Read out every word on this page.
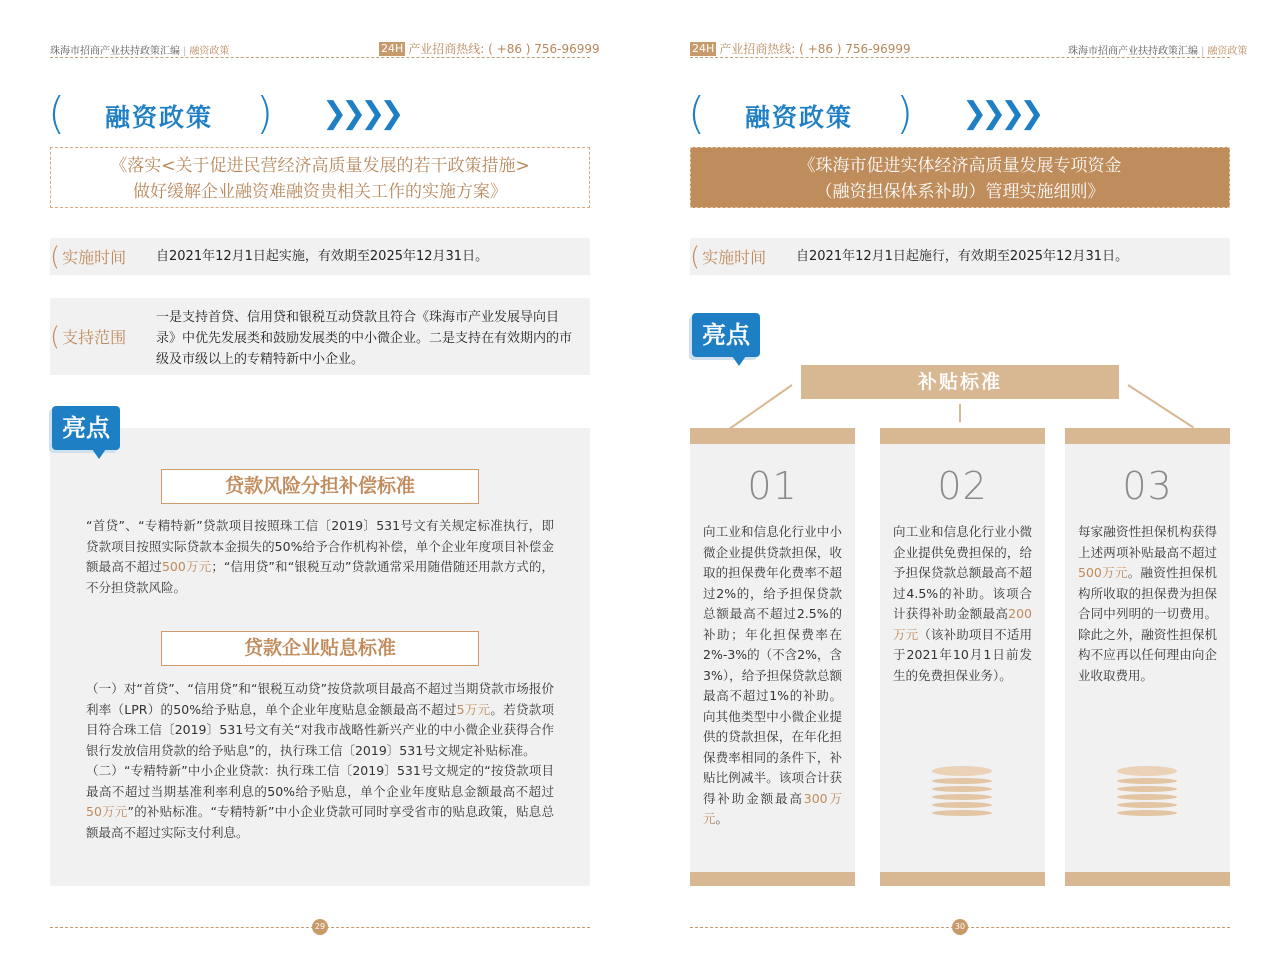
珠海市招商产业扶持政策汇编 | 融资政策	24H 产业招商热线: ( +86 ) 756-96999
( 融资政策 ) ❯❯❯❯
《落实<关于促进民营经济高质量发展的若干政策措施>
做好缓解企业融资难融资贵相关工作的实施方案》
( 实施时间 自2021年12月1日起实施，有效期至2025年12月31日。
( 支持范围
一是支持首贷、信用贷和银税互动贷款且符合《珠海市产业发展导向目录》中优先发展类和鼓励发展类的中小微企业。二是支持在有效期内的市级及市级以上的专精特新中小企业。
亮点
贷款风险分担补偿标准
“首贷”、“专精特新”贷款项目按照珠工信〔2019〕531号文有关规定标准执行，即贷款项目按照实际贷款本金损失的50%给予合作机构补偿，单个企业年度项目补偿金额最高不超过500万元；“信用贷”和“银税互动”贷款通常采用随借随还用款方式的，不分担贷款风险。
贷款企业贴息标准
（一）对“首贷”、“信用贷”和“银税互动贷”按贷款项目最高不超过当期贷款市场报价利率（LPR）的50%给予贴息，单个企业年度贴息金额最高不超过5万元。若贷款项目符合珠工信〔2019〕531号文有关“对我市战略性新兴产业的中小微企业获得合作银行发放信用贷款的给予贴息”的，执行珠工信〔2019〕531号文规定补贴标准。
（二）“专精特新”中小企业贷款：执行珠工信〔2019〕531号文规定的“按贷款项目最高不超过当期基准利率利息的50%给予贴息，单个企业年度贴息金额最高不超过50万元”的补贴标准。“专精特新”中小企业贷款可同时享受省市的贴息政策，贴息总额最高不超过实际支付利息。
29
24H 产业招商热线: ( +86 ) 756-96999	珠海市招商产业扶持政策汇编 | 融资政策
( 融资政策 ) ❯❯❯❯
《珠海市促进实体经济高质量发展专项资金
（融资担保体系补助）管理实施细则》
( 实施时间 自2021年12月1日起施行，有效期至2025年12月31日。
亮点
补贴标准
01
向工业和信息化行业中小微企业提供贷款担保，收取的担保费年化费率不超过2%的，给予担保贷款总额最高不超过2.5%的补助；年化担保费率在2%-3%的（不含2%，含3%），给予担保贷款总额最高不超过1%的补助。向其他类型中小微企业提供的贷款担保，在年化担保费率相同的条件下，补贴比例减半。该项合计获得补助金额最高300万元。
02
向工业和信息化行业小微企业提供免费担保的，给予担保贷款总额最高不超过4.5%的补助。该项合计获得补助金额最高200万元（该补助项目不适用于2021年10月1日前发生的免费担保业务）。
03
每家融资性担保机构获得上述两项补贴最高不超过500万元。融资性担保机构所收取的担保费为担保合同中列明的一切费用。除此之外，融资性担保机构不应再以任何理由向企业收取费用。
30
